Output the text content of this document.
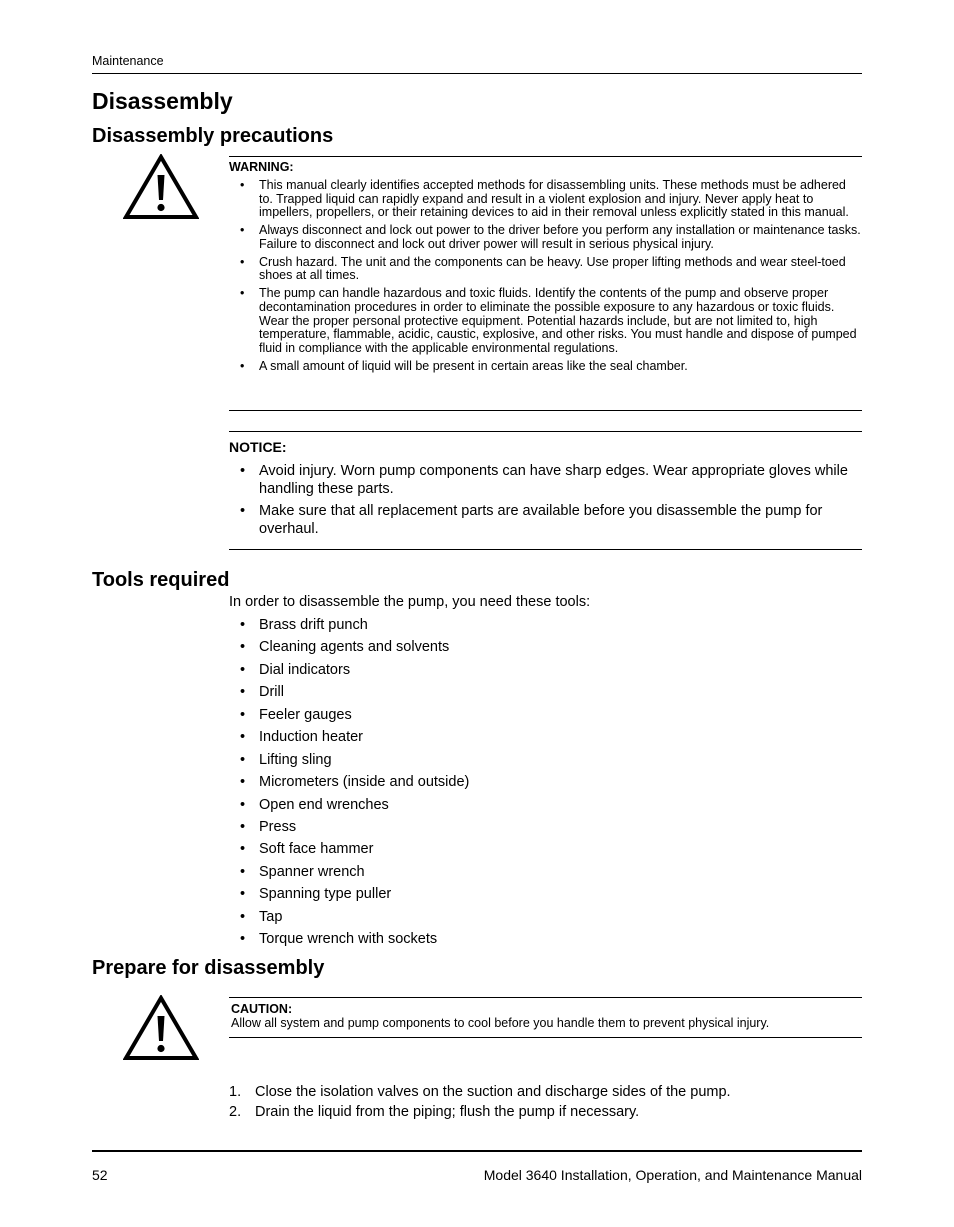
Maintenance
Disassembly
Disassembly precautions
WARNING:
• This manual clearly identifies accepted methods for disassembling units. These methods must be adhered to. Trapped liquid can rapidly expand and result in a violent explosion and injury. Never apply heat to impellers, propellers, or their retaining devices to aid in their removal unless explicitly stated in this manual.
• Always disconnect and lock out power to the driver before you perform any installation or maintenance tasks. Failure to disconnect and lock out driver power will result in serious physical injury.
• Crush hazard. The unit and the components can be heavy. Use proper lifting methods and wear steel-toed shoes at all times.
• The pump can handle hazardous and toxic fluids. Identify the contents of the pump and observe proper decontamination procedures in order to eliminate the possible exposure to any hazardous or toxic fluids. Wear the proper personal protective equipment. Potential hazards include, but are not limited to, high temperature, flammable, acidic, caustic, explosive, and other risks. You must handle and dispose of pumped fluid in compliance with the applicable environmental regulations.
• A small amount of liquid will be present in certain areas like the seal chamber.
NOTICE:
• Avoid injury. Worn pump components can have sharp edges. Wear appropriate gloves while handling these parts.
• Make sure that all replacement parts are available before you disassemble the pump for overhaul.
Tools required
In order to disassemble the pump, you need these tools:
• Brass drift punch
• Cleaning agents and solvents
• Dial indicators
• Drill
• Feeler gauges
• Induction heater
• Lifting sling
• Micrometers (inside and outside)
• Open end wrenches
• Press
• Soft face hammer
• Spanner wrench
• Spanning type puller
• Tap
• Torque wrench with sockets
Prepare for disassembly
CAUTION:
Allow all system and pump components to cool before you handle them to prevent physical injury.
1. Close the isolation valves on the suction and discharge sides of the pump.
2. Drain the liquid from the piping; flush the pump if necessary.
52	Model 3640 Installation, Operation, and Maintenance Manual
